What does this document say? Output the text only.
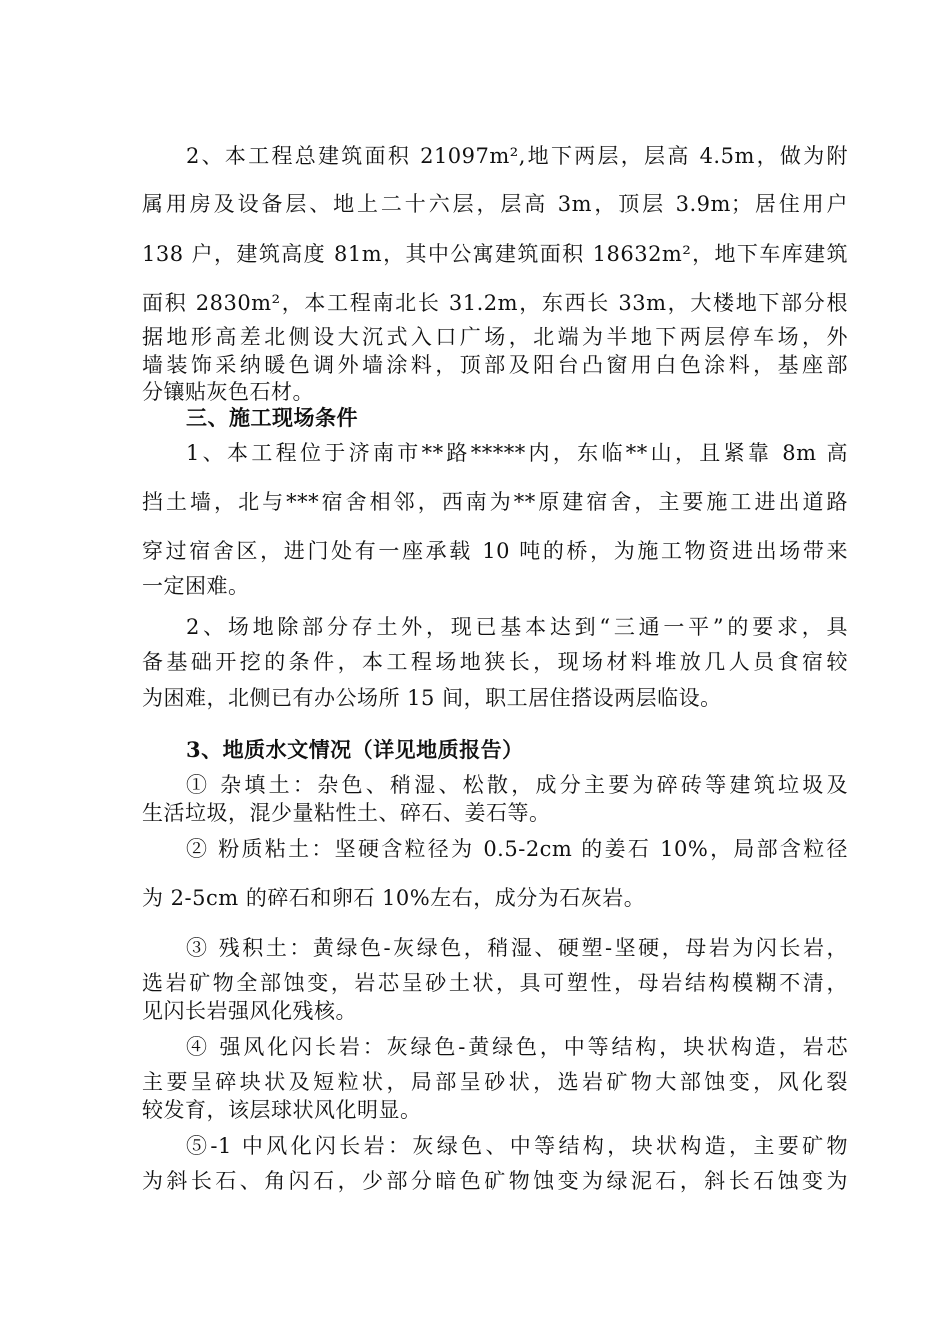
2、本工程总建筑面积 21097m²,地下两层，层高 4.5m，做为附
属用房及设备层、地上二十六层，层高 3m，顶层 3.9m；居住用户
138 户，建筑高度 81m，其中公寓建筑面积 18632m²，地下车库建筑
面积 2830m²，本工程南北长 31.2m，东西长 33m，大楼地下部分根
据地形高差北侧设大沉式入口广场，北端为半地下两层停车场，外
墙装饰采纳暖色调外墙涂料，顶部及阳台凸窗用白色涂料，基座部
分镶贴灰色石材。
三、施工现场条件
1、本工程位于济南市**路*****内，东临**山，且紧靠 8m 高
挡土墙，北与***宿舍相邻，西南为**原建宿舍，主要施工进出道路
穿过宿舍区，进门处有一座承载 10 吨的桥，为施工物资进出场带来
一定困难。
2、场地除部分存土外，现已基本达到“三通一平”的要求，具
备基础开挖的条件，本工程场地狭长，现场材料堆放几人员食宿较
为困难，北侧已有办公场所 15 间，职工居住搭设两层临设。
3、地质水文情况（详见地质报告）
① 杂填土：杂色、稍湿、松散，成分主要为碎砖等建筑垃圾及
生活垃圾，混少量粘性土、碎石、姜石等。
② 粉质粘土：坚硬含粒径为 0.5-2cm 的姜石 10%，局部含粒径
为 2-5cm 的碎石和卵石 10%左右，成分为石灰岩。
③ 残积土：黄绿色-灰绿色，稍湿、硬塑-坚硬，母岩为闪长岩，
选岩矿物全部蚀变，岩芯呈砂土状，具可塑性，母岩结构模糊不清，
见闪长岩强风化残核。
④ 强风化闪长岩：灰绿色-黄绿色，中等结构，块状构造，岩芯
主要呈碎块状及短粒状，局部呈砂状，选岩矿物大部蚀变，风化裂
较发育，该层球状风化明显。
⑤-1 中风化闪长岩：灰绿色、中等结构，块状构造，主要矿物
为斜长石、角闪石，少部分暗色矿物蚀变为绿泥石，斜长石蚀变为
